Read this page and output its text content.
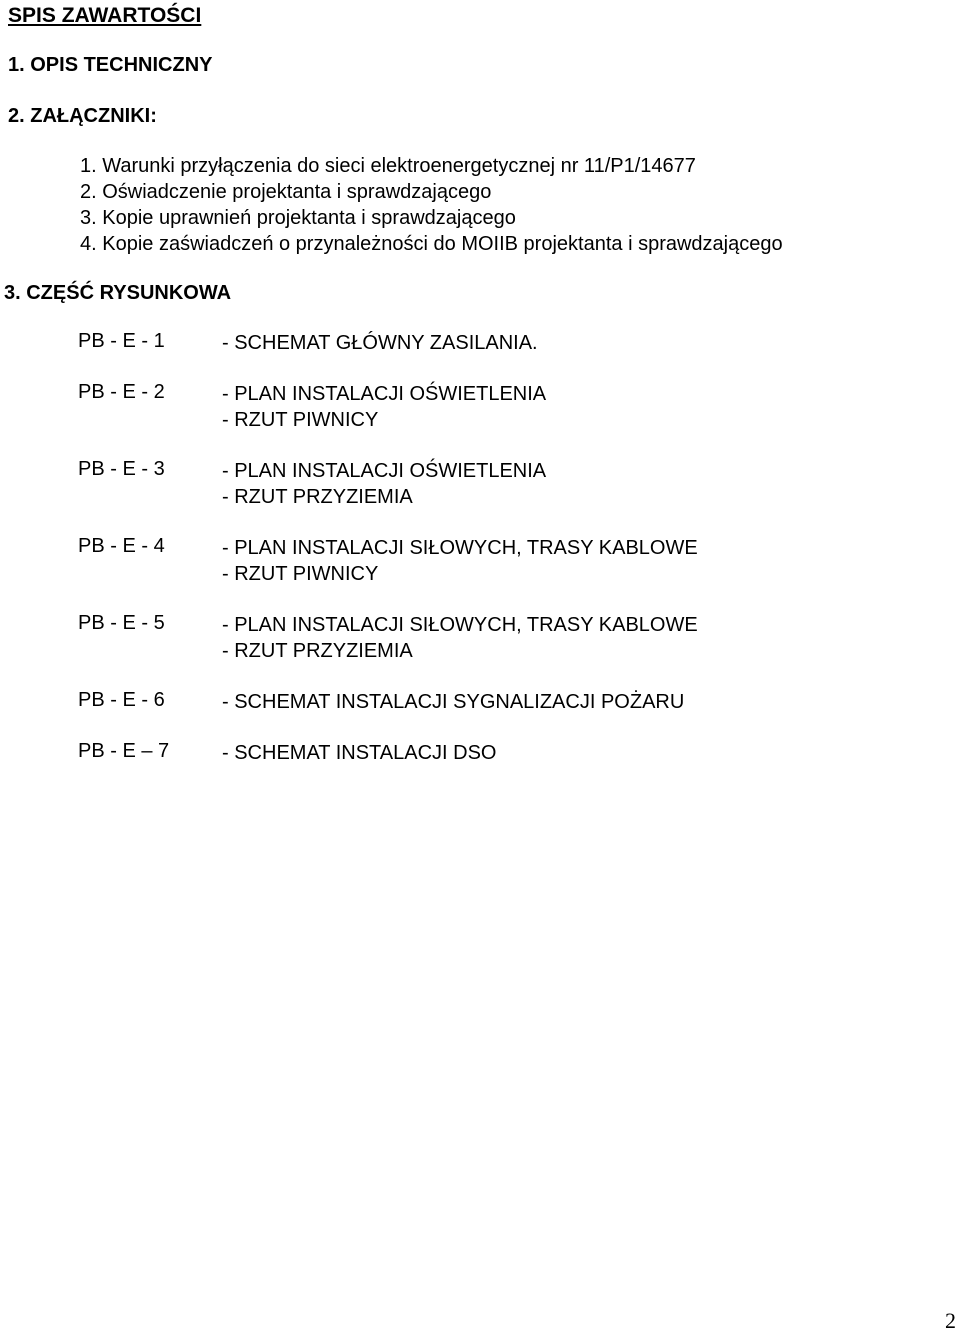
SPIS ZAWARTOŚCI
1. OPIS TECHNICZNY
2. ZAŁĄCZNIKI:
1. Warunki przyłączenia do sieci elektroenergetycznej nr 11/P1/14677
2. Oświadczenie projektanta i sprawdzającego
3. Kopie uprawnień projektanta i sprawdzającego
4. Kopie zaświadczeń o przynależności do MOIIB projektanta i sprawdzającego
3. CZĘŚĆ RYSUNKOWA
PB - E - 1	- SCHEMAT GŁÓWNY ZASILANIA.
PB - E - 2	- PLAN INSTALACJI OŚWIETLENIA
- RZUT PIWNICY
PB - E - 3	- PLAN INSTALACJI OŚWIETLENIA
- RZUT PRZYZIEMIA
PB - E - 4	- PLAN INSTALACJI SIŁOWYCH, TRASY KABLOWE
- RZUT PIWNICY
PB - E - 5	- PLAN INSTALACJI SIŁOWYCH, TRASY KABLOWE
- RZUT PRZYZIEMIA
PB - E - 6	- SCHEMAT INSTALACJI SYGNALIZACJI POŻARU
PB - E – 7	- SCHEMAT INSTALACJI DSO
2
